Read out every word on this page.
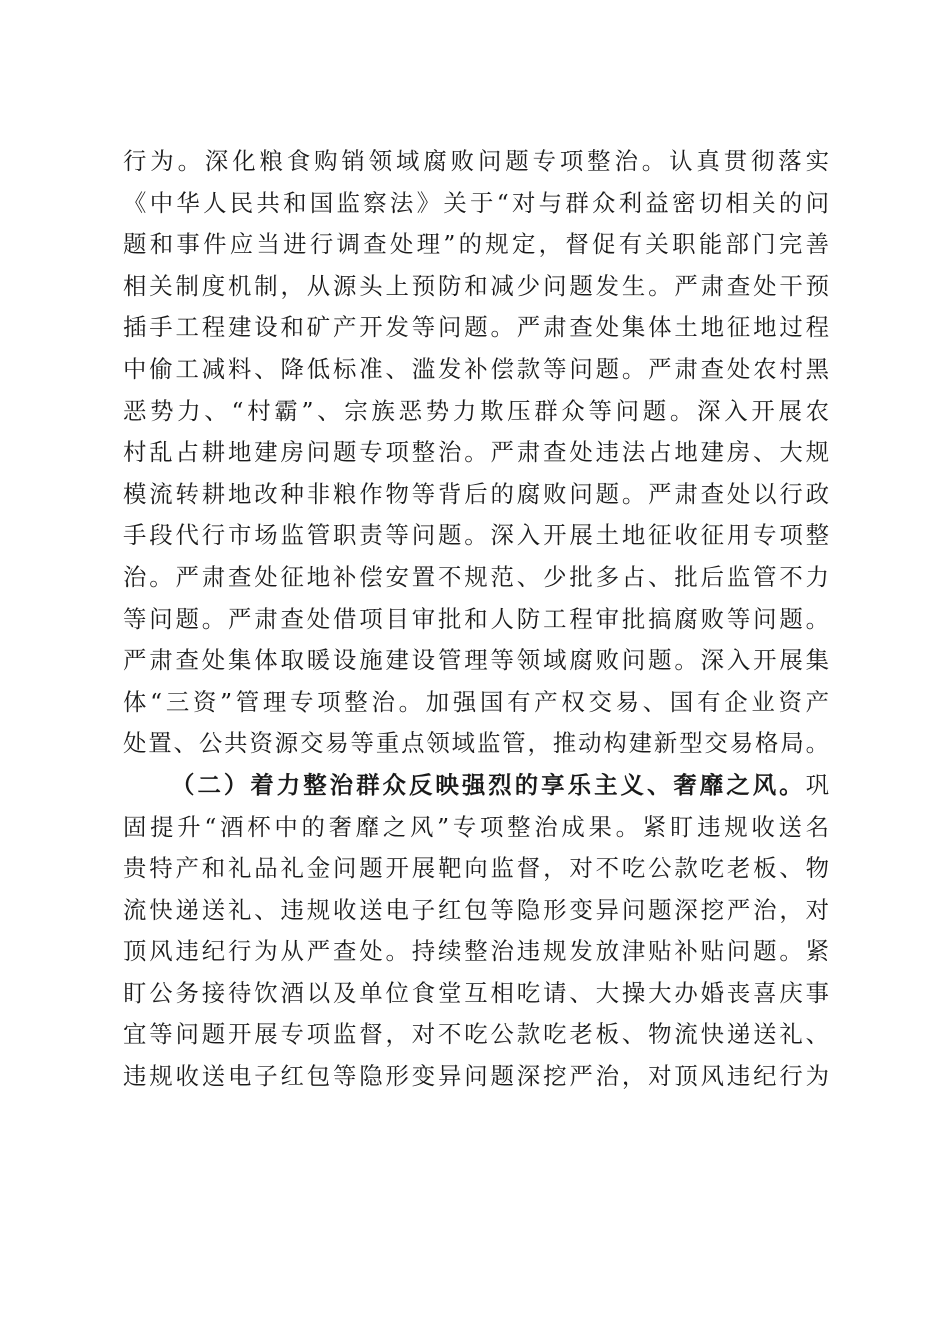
行为。深化粮食购销领域腐败问题专项整治。认真贯彻落实
《中华人民共和国监察法》关于“对与群众利益密切相关的问
题和事件应当进行调查处理”的规定，督促有关职能部门完善
相关制度机制，从源头上预防和减少问题发生。严肃查处干预
插手工程建设和矿产开发等问题。严肃查处集体土地征地过程
中偷工减料、降低标准、滥发补偿款等问题。严肃查处农村黑
恶势力、“村霸”、宗族恶势力欺压群众等问题。深入开展农
村乱占耕地建房问题专项整治。严肃查处违法占地建房、大规
模流转耕地改种非粮作物等背后的腐败问题。严肃查处以行政
手段代行市场监管职责等问题。深入开展土地征收征用专项整
治。严肃查处征地补偿安置不规范、少批多占、批后监管不力
等问题。严肃查处借项目审批和人防工程审批搞腐败等问题。
严肃查处集体取暖设施建设管理等领域腐败问题。深入开展集
体“三资”管理专项整治。加强国有产权交易、国有企业资产
处置、公共资源交易等重点领域监管，推动构建新型交易格局。
（二）着力整治群众反映强烈的享乐主义、奢靡之风。巩
固提升“酒杯中的奢靡之风”专项整治成果。紧盯违规收送名
贵特产和礼品礼金问题开展靶向监督，对不吃公款吃老板、物
流快递送礼、违规收送电子红包等隐形变异问题深挖严治，对
顶风违纪行为从严查处。持续整治违规发放津贴补贴问题。紧
盯公务接待饮酒以及单位食堂互相吃请、大操大办婚丧喜庆事
宜等问题开展专项监督，对不吃公款吃老板、物流快递送礼、
违规收送电子红包等隐形变异问题深挖严治，对顶风违纪行为
